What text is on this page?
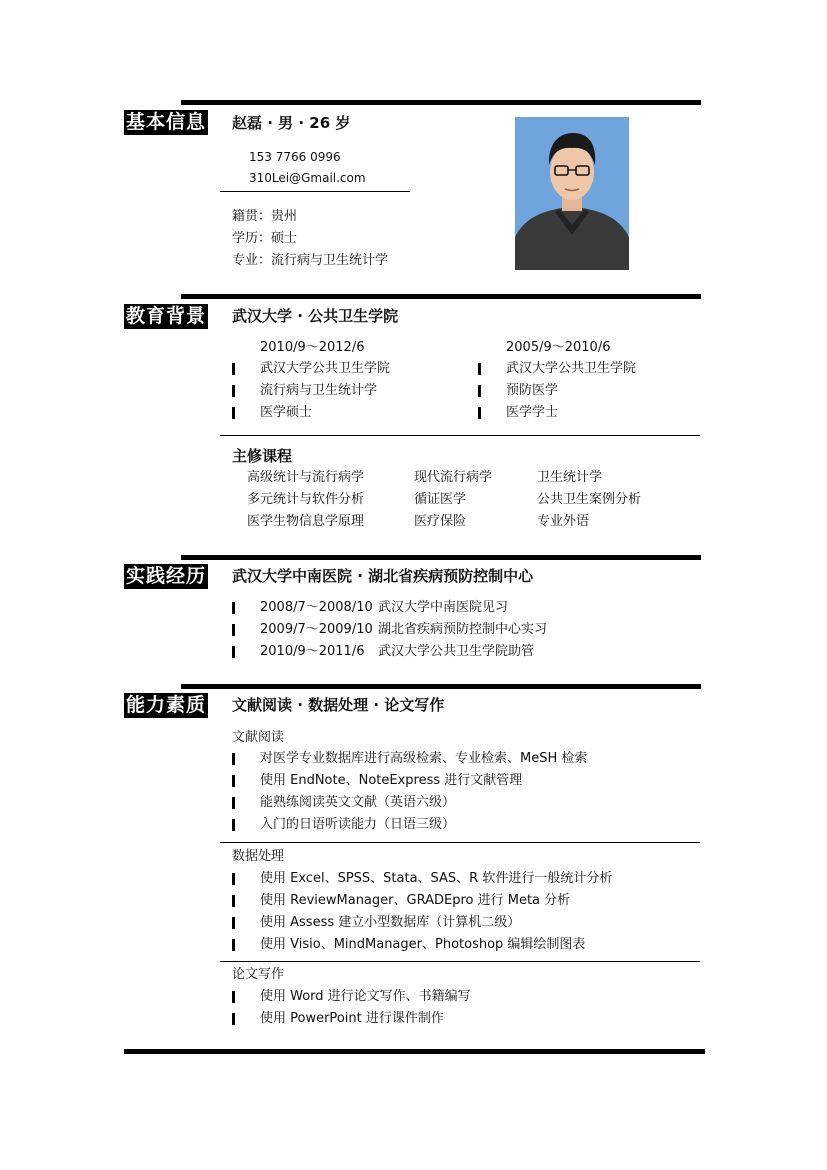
基本信息 赵磊 · 男 · 26 岁
153 7766 0996
310Lei@Gmail.com
籍贯：贵州
学历：硕士
专业：流行病与卫生统计学
教育背景 武汉大学 · 公共卫生学院
2010/9～2012/6
武汉大学公共卫生学院
流行病与卫生统计学
医学硕士
2005/9～2010/6
武汉大学公共卫生学院
预防医学
医学学士
主修课程
高级统计与流行病学	现代流行病学	卫生统计学
多元统计与软件分析	循证医学	公共卫生案例分析
医学生物信息学原理	医疗保险	专业外语
实践经历 武汉大学中南医院 · 湖北省疾病预防控制中心
2008/7～2008/10 武汉大学中南医院见习
2009/7～2009/10 湖北省疾病预防控制中心实习
2010/9～2011/6 武汉大学公共卫生学院助管
能力素质 文献阅读 · 数据处理 · 论文写作
文献阅读
对医学专业数据库进行高级检索、专业检索、MeSH 检索
使用 EndNote、NoteExpress 进行文献管理
能熟练阅读英文文献（英语六级）
入门的日语听读能力（日语三级）
数据处理
使用 Excel、SPSS、Stata、SAS、R 软件进行一般统计分析
使用 ReviewManager、GRADEpro 进行 Meta 分析
使用 Assess 建立小型数据库（计算机二级）
使用 Visio、MindManager、Photoshop 编辑绘制图表
论文写作
使用 Word 进行论文写作、书籍编写
使用 PowerPoint 进行课件制作
